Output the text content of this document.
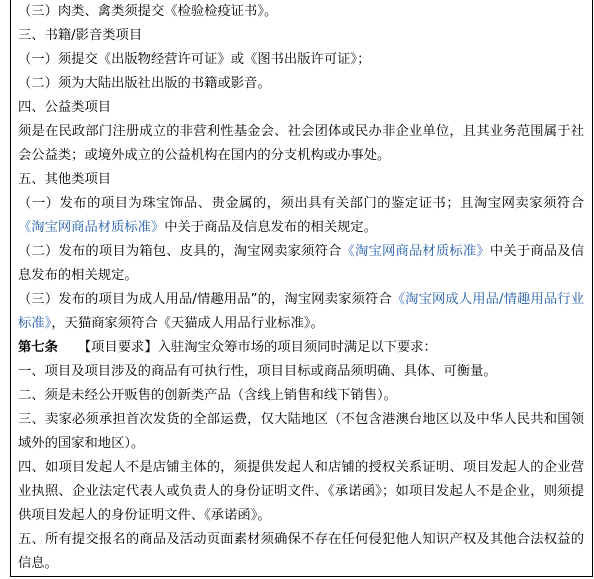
（三）肉类、禽类须提交《检验检疫证书》。

三、书籍/影音类项目

（一）须提交《出版物经营许可证》或《图书出版许可证》；

（二）须为大陆出版社出版的书籍或影音。

四、公益类项目

须是在民政部门注册成立的非营利性基金会、社会团体或民办非企业单位，且其业务范围属于社会公益类；或境外成立的公益机构在国内的分支机构或办事处。

五、其他类项目

（一）发布的项目为珠宝饰品、贵金属的，须出具有关部门的鉴定证书；且淘宝网卖家须符合《淘宝网商品材质标准》中关于商品及信息发布的相关规定。

（二）发布的项目为箱包、皮具的，淘宝网卖家须符合《淘宝网商品材质标准》中关于商品及信息发布的相关规定。

（三）发布的项目为成人用品/情趣用品”的，淘宝网卖家须符合《淘宝网成人用品/情趣用品行业标准》，天猫商家须符合《天猫成人用品行业标准》。

第七条　　【项目要求】入驻淘宝众筹市场的项目须同时满足以下要求：

一、项目及项目涉及的商品有可执行性，项目目标或商品须明确、具体、可衡量。

二、须是未经公开贩售的创新类产品（含线上销售和线下销售）。

三、卖家必须承担首次发货的全部运费，仅大陆地区（不包含港澳台地区以及中华人民共和国领域外的国家和地区）。

四、如项目发起人不是店铺主体的，须提供发起人和店铺的授权关系证明、项目发起人的企业营业执照、企业法定代表人或负责人的身份证明文件、《承诺函》；如项目发起人不是企业，则须提供项目发起人的身份证明文件、《承诺函》。

五、所有提交报名的商品及活动页面素材须确保不存在任何侵犯他人知识产权及其他合法权益的信息。
